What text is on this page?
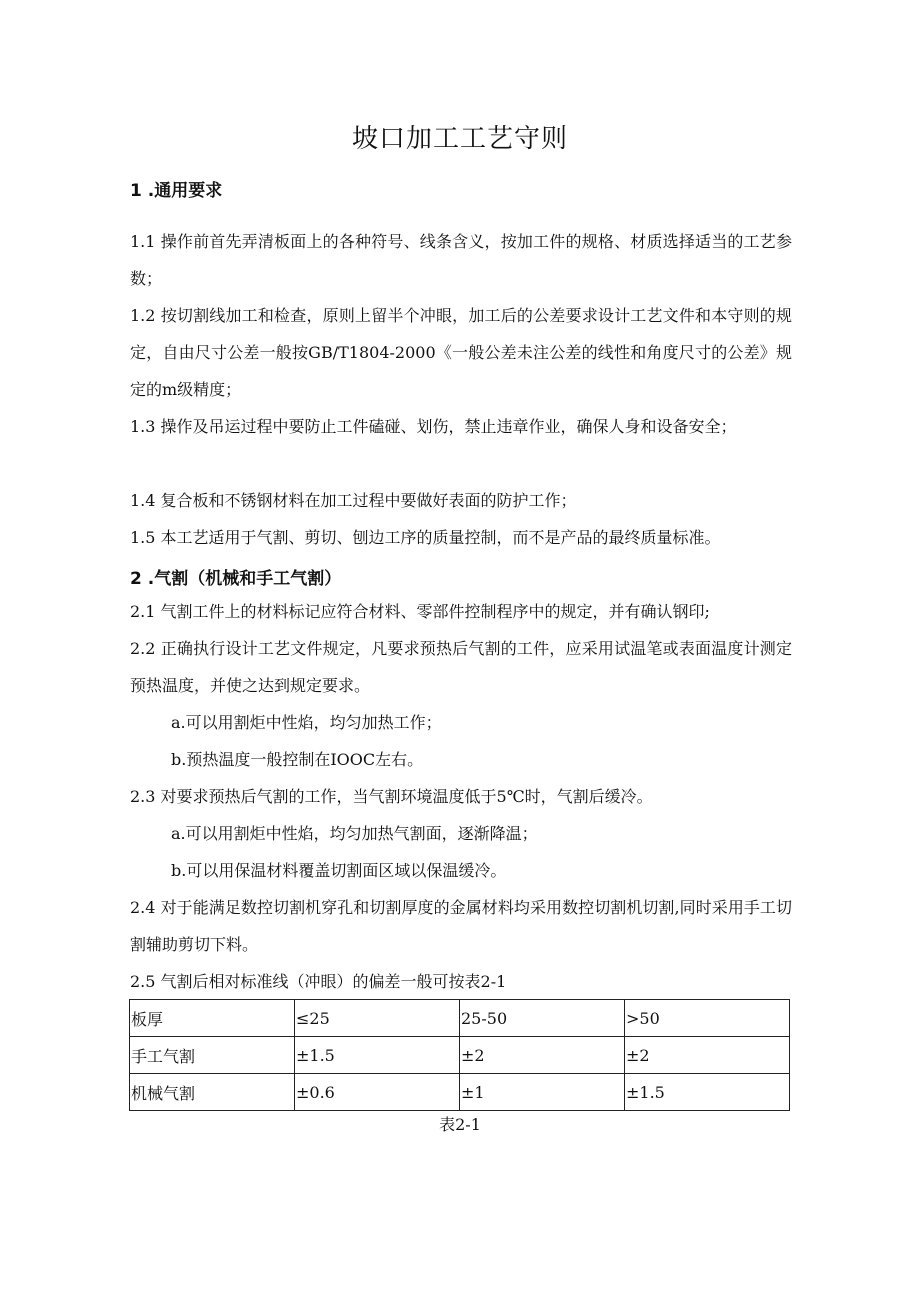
坡口加工工艺守则
1 .通用要求
1.1 操作前首先弄清板面上的各种符号、线条含义，按加工件的规格、材质选择适当的工艺参数；
1.2 按切割线加工和检查，原则上留半个冲眼，加工后的公差要求设计工艺文件和本守则的规定，自由尺寸公差一般按GB/T1804-2000《一般公差未注公差的线性和角度尺寸的公差》规定的m级精度；
1.3 操作及吊运过程中要防止工件磕碰、划伤，禁止违章作业，确保人身和设备安全；
1.4 复合板和不锈钢材料在加工过程中要做好表面的防护工作；
1.5 本工艺适用于气割、剪切、刨边工序的质量控制，而不是产品的最终质量标准。
2 .气割（机械和手工气割）
2.1 气割工件上的材料标记应符合材料、零部件控制程序中的规定，并有确认钢印;
2.2 正确执行设计工艺文件规定，凡要求预热后气割的工件，应采用试温笔或表面温度计测定预热温度，并使之达到规定要求。
a.可以用割炬中性焰，均匀加热工作；
b.预热温度一般控制在IOOC左右。
2.3 对要求预热后气割的工作，当气割环境温度低于5℃时，气割后缓冷。
a.可以用割炬中性焰，均匀加热气割面，逐渐降温；
b.可以用保温材料覆盖切割面区域以保温缓冷。
2.4 对于能满足数控切割机穿孔和切割厚度的金属材料均采用数控切割机切割,同时采用手工切割辅助剪切下料。
2.5 气割后相对标准线（冲眼）的偏差一般可按表2-1
板厚	≤25	25-50	>50
手工气割	±1.5	±2	±2
机械气割	±0.6	±1	±1.5
表2-1
